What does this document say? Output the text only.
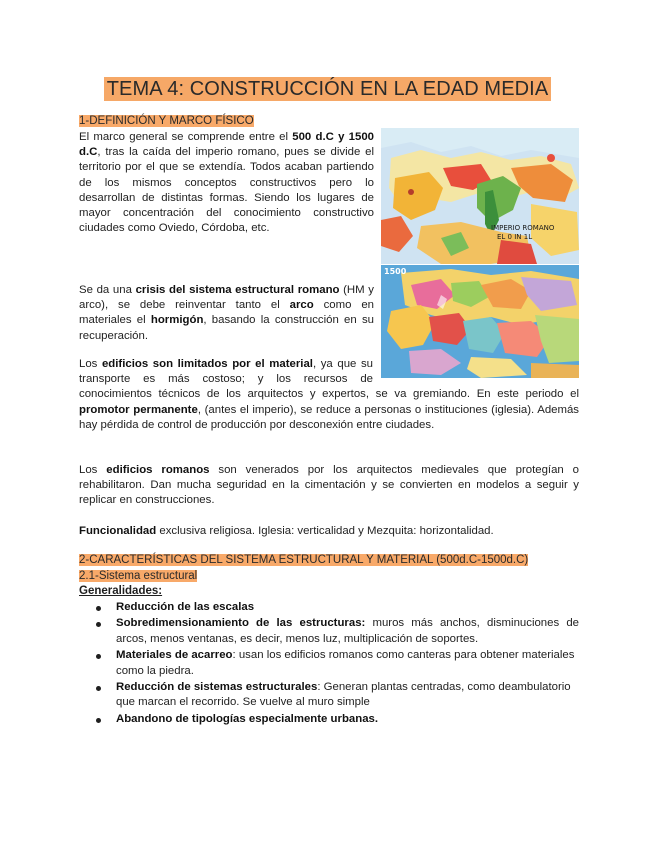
TEMA 4: CONSTRUCCIÓN EN LA EDAD MEDIA
1-DEFINICIÓN Y MARCO FÍSICO
El marco general se comprende entre el 500 d.C y 1500 d.C, tras la caída del imperio romano, pues se divide el territorio por el que se extendía. Todos acaban partiendo de los mismos conceptos constructivos pero lo desarrollan de distintas formas. Siendo los lugares de mayor concentración del conocimiento constructivo ciudades como Oviedo, Córdoba, etc.
Se da una crisis del sistema estructural romano (HM y arco), se debe reinventar tanto el arco como en materiales el hormigón, basando la construcción en su recuperación.
Los edificios son limitados por el material, ya que su transporte es más costoso; y los recursos de conocimientos técnicos de los arquitectos y expertos, se va gremiando. En este periodo el promotor permanente, (antes el imperio), se reduce a personas o instituciones (iglesia). Además hay pérdida de control de producción por desconexión entre ciudades.
Los edificios romanos son venerados por los arquitectos medievales que protegían o rehabilitaron. Dan mucha seguridad en la cimentación y se convierten en modelos a seguir y replicar en construcciones.
Funcionalidad exclusiva religiosa. Iglesia: verticalidad y Mezquita: horizontalidad.
IMPERIO ROMANO
EL 0 IN 1L
1500
2-CARACTERÍSTICAS DEL SISTEMA ESTRUCTURAL Y MATERIAL (500d.C-1500d.C)
2.1-Sistema estructural
Generalidades:
Reducción de las escalas
Sobredimensionamiento de las estructuras: muros más anchos, disminuciones de arcos, menos ventanas, es decir, menos luz, multiplicación de soportes.
Materiales de acarreo: usan los edificios romanos como canteras para obtener materiales como la piedra.
Reducción de sistemas estructurales: Generan plantas centradas, como deambulatorio que marcan el recorrido. Se vuelve al muro simple
Abandono de tipologías especialmente urbanas.
